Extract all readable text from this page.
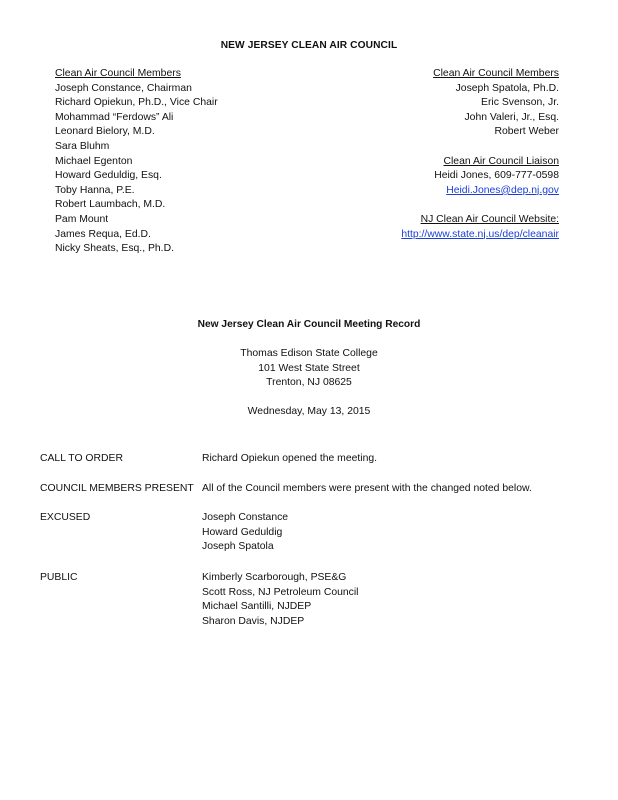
NEW JERSEY CLEAN AIR COUNCIL
Clean Air Council Members
Joseph Constance, Chairman
Richard Opiekun, Ph.D., Vice Chair
Mohammad “Ferdows” Ali
Leonard Bielory, M.D.
Sara Bluhm
Michael Egenton
Howard Geduldig, Esq.
Toby Hanna, P.E.
Robert Laumbach, M.D.
Pam Mount
James Requa, Ed.D.
Nicky Sheats, Esq., Ph.D.
Clean Air Council Members
Joseph Spatola, Ph.D.
Eric Svenson, Jr.
John Valeri, Jr., Esq.
Robert Weber
Clean Air Council Liaison
Heidi Jones, 609-777-0598
Heidi.Jones@dep.nj.gov
NJ Clean Air Council Website:
http://www.state.nj.us/dep/cleanair
New Jersey Clean Air Council Meeting Record
Thomas Edison State College
101 West State Street
Trenton, NJ 08625
Wednesday, May 13, 2015
CALL TO ORDER	Richard Opiekun opened the meeting.
COUNCIL MEMBERS PRESENT All of the Council members were present with the changed noted below.
EXCUSED	Joseph Constance
Howard Geduldig
Joseph Spatola
PUBLIC	Kimberly Scarborough, PSE&G
Scott Ross, NJ Petroleum Council
Michael Santilli, NJDEP
Sharon Davis, NJDEP
